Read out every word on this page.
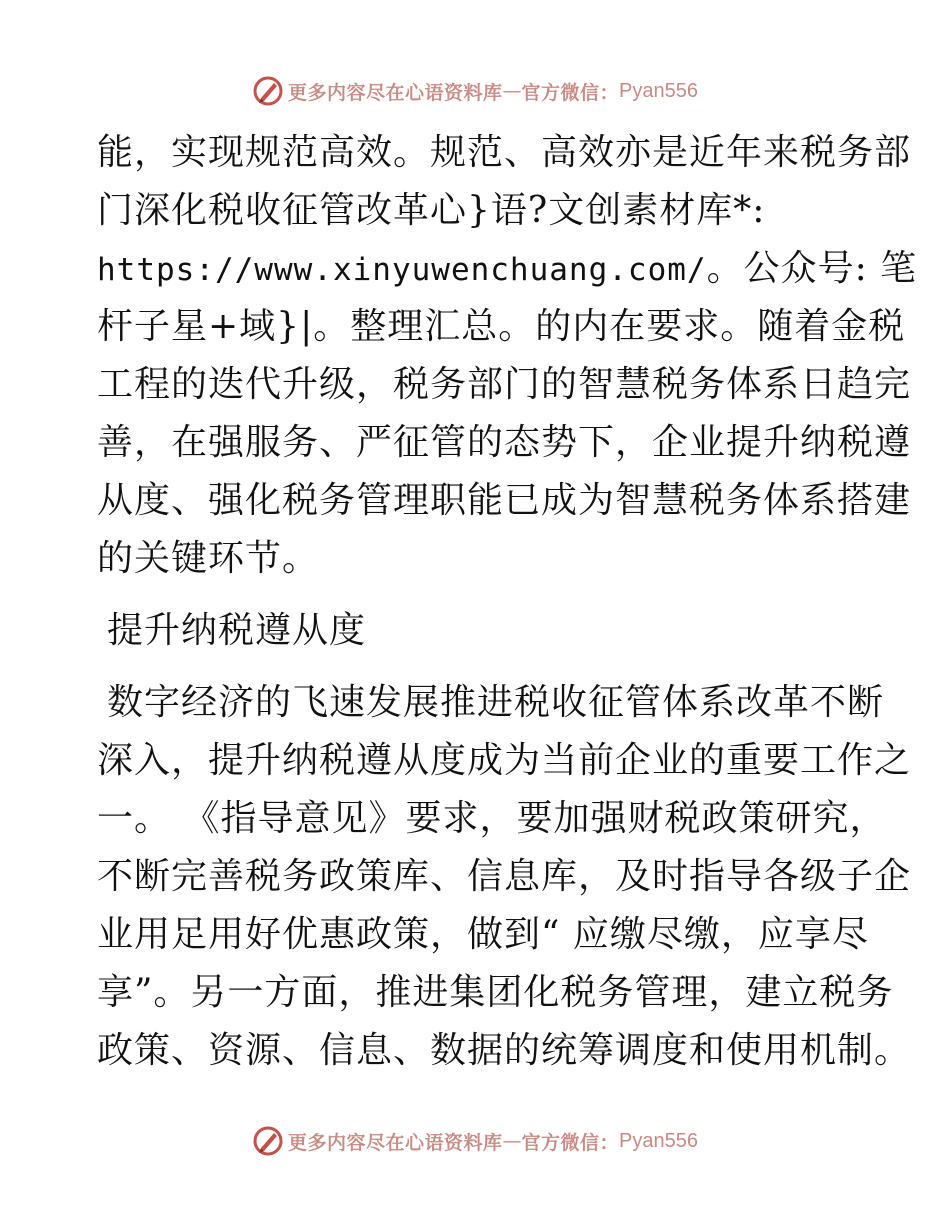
更多内容尽在心语资料库 — 官方微信： Pyan556
能，实现规范高效。规范、高效亦是近年来税务部
门深化税收征管改革心}语?文创素材库*:
https://www.xinyuwenchuang.com/。公众号: 笔
杆子星+域}|。整理汇总。的内在要求。随着金税
工程的迭代升级，税务部门的智慧税务体系日趋完
善，在强服务、严征管的态势下，企业提升纳税遵
从度、强化税务管理职能已成为智慧税务体系搭建
的关键环节。
提升纳税遵从度
数字经济的飞速发展推进税收征管体系改革不断
深入，提升纳税遵从度成为当前企业的重要工作之
一。 《指导意见》要求，要加强财税政策研究，
不断完善税务政策库、信息库，及时指导各级子企
业用足用好优惠政策，做到“ 应缴尽缴，应享尽
享”。另一方面，推进集团化税务管理，建立税务
政策、资源、信息、数据的统筹调度和使用机制。
更多内容尽在心语资料库 — 官方微信： Pyan556
